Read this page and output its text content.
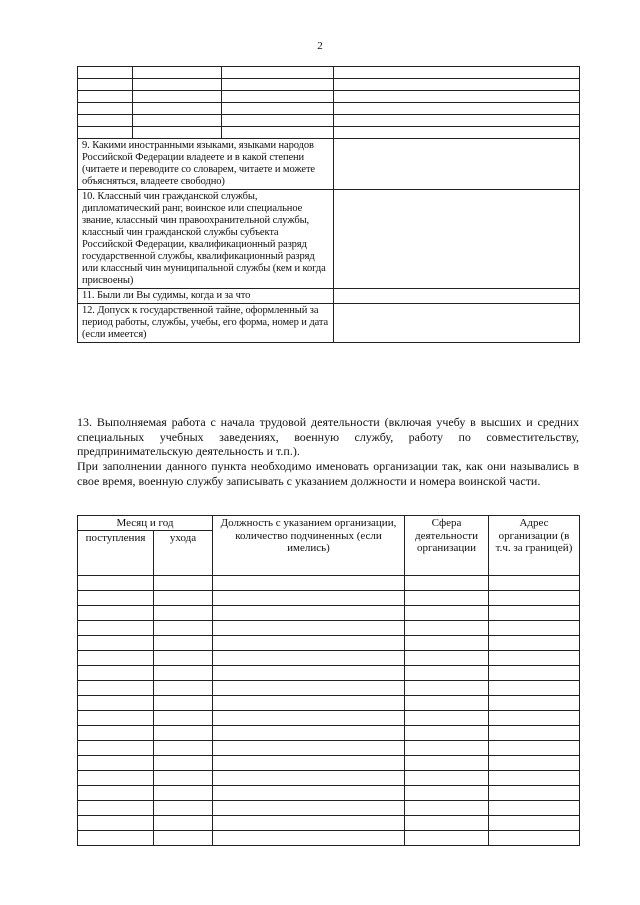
2

9. Какими иностранными языками, языками народов Российской Федерации владеете и в какой степени (читаете и переводите со словарем, читаете и можете объясняться, владеете свободно)			
10. Классный чин гражданской службы, дипломатический ранг, воинское или специальное звание, классный чин правоохранительной службы, классный чин гражданской службы субъекта Российской Федерации, квалификационный разряд государственной службы, квалификационный разряд или классный чин муниципальной службы (кем и когда присвоены)			
11. Были ли Вы судимы, когда и за что			
12. Допуск к государственной тайне, оформленный за период работы, службы, учебы, его форма, номер и дата (если имеется)			

13. Выполняемая работа с начала трудовой деятельности (включая учебу в высших и средних специальных учебных заведениях, военную службу, работу по совместительству, предпринимательскую деятельность и т.п.).

При заполнении данного пункта необходимо именовать организации так, как они назывались в свое время, военную службу записывать с указанием должности и номера воинской части.

Месяц и год		Должность с указанием организации, количество подчиненных (если имелись)	Сфера деятельности организации	Адрес организации (в т.ч. за границей)
поступления	ухода			
